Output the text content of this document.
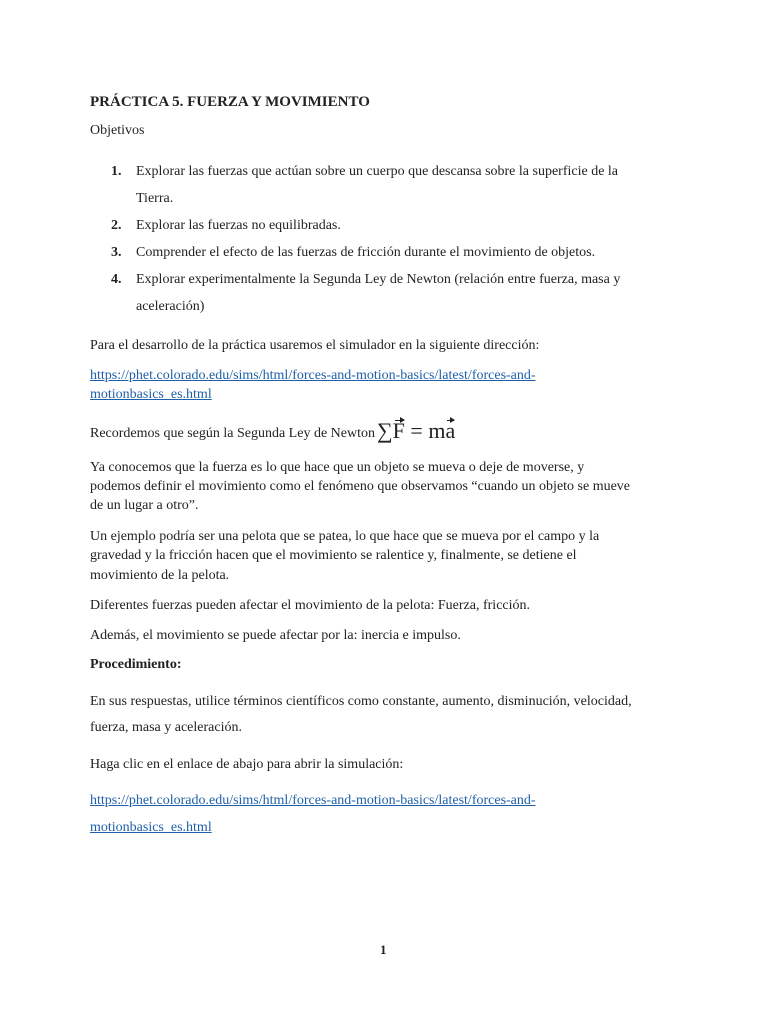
PRÁCTICA 5. FUERZA Y MOVIMIENTO

Objetivos

1. Explorar las fuerzas que actúan sobre un cuerpo que descansa sobre la superficie de la
Tierra.
2. Explorar las fuerzas no equilibradas.
3. Comprender el efecto de las fuerzas de fricción durante el movimiento de objetos.
4. Explorar experimentalmente la Segunda Ley de Newton (relación entre fuerza, masa y
aceleración)

Para el desarrollo de la práctica usaremos el simulador en la siguiente dirección:

https://phet.colorado.edu/sims/html/forces-and-motion-basics/latest/forces-and-
motionbasics_es.html

Recordemos que según la Segunda Ley de Newton∑F = ma

Ya conocemos que la fuerza es lo que hace que un objeto se mueva o deje de moverse, y

podemos definir el movimiento como el fenómeno que observamos “cuando un objeto se mueve

de un lugar a otro”.

Un ejemplo podría ser una pelota que se patea, lo que hace que se mueva por el campo y la

gravedad y la fricción hacen que el movimiento se ralentice y, finalmente, se detiene el

movimiento de la pelota.

Diferentes fuerzas pueden afectar el movimiento de la pelota: Fuerza, fricción.

Además, el movimiento se puede afectar por la: inercia e impulso.

Procedimiento:

En sus respuestas, utilice términos científicos como constante, aumento, disminución, velocidad,

fuerza, masa y aceleración.

Haga clic en el enlace de abajo para abrir la simulación:

https://phet.colorado.edu/sims/html/forces-and-motion-basics/latest/forces-and-
motionbasics_es.html

1
